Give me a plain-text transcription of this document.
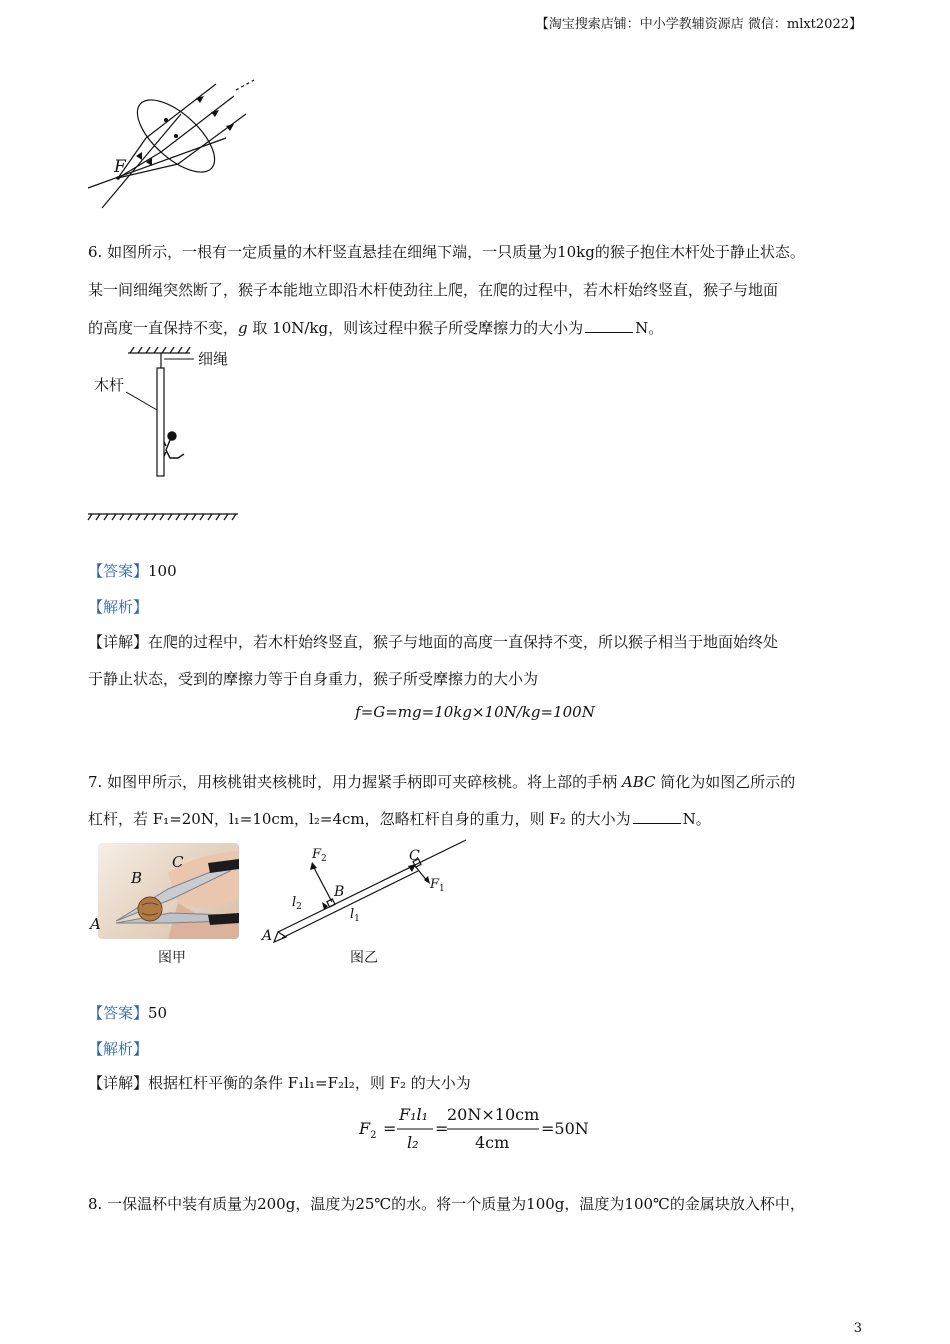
【淘宝搜索店铺：中小学教辅资源店 微信：mlxt2022】
F
6. 如图所示，一根有一定质量的木杆竖直悬挂在细绳下端，一只质量为10kg的猴子抱住木杆处于静止状态。
某一间细绳突然断了，猴子本能地立即沿木杆使劲往上爬，在爬的过程中，若木杆始终竖直，猴子与地面
的高度一直保持不变，g 取 10N/kg，则该过程中猴子所受摩擦力的大小为	N。
细绳
木杆
【答案】100
【解析】
【详解】在爬的过程中，若木杆始终竖直，猴子与地面的高度一直保持不变，所以猴子相当于地面始终处
于静止状态，受到的摩擦力等于自身重力，猴子所受摩擦力的大小为
f=G=mg=10kg×10N/kg=100N
7. 如图甲所示，用核桃钳夹核桃时，用力握紧手柄即可夹碎核桃。将上部的手柄 ABC 简化为如图乙所示的
杠杆，若 F₁=20N，l₁=10cm，l₂=4cm，忽略杠杆自身的重力，则 F₂ 的大小为	N。
A
B
C
图甲
A
B
C
$F_2$
$F_1$
$l_2$	$l_1$
图乙
【答案】50
【解析】
【详解】根据杠杆平衡的条件 F₁l₁=F₂l₂，则 F₂ 的大小为
$F_2$ =
F₁l₁
l₂
=
20N×10cm
4cm
=50N
8. 一保温杯中装有质量为200g，温度为25℃的水。将一个质量为100g，温度为100℃的金属块放入杯中，
3
